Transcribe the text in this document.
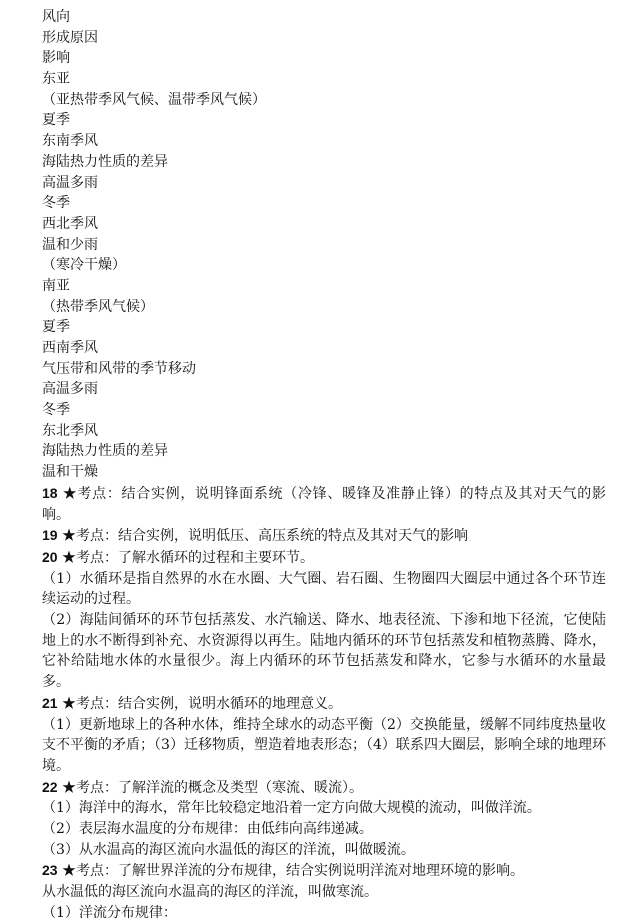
风向
形成原因
影响
东亚
（亚热带季风气候、温带季风气候）
夏季
东南季风
海陆热力性质的差异
高温多雨
冬季
西北季风
温和少雨
（寒冷干燥）
南亚
（热带季风气候）
夏季
西南季风
气压带和风带的季节移动
高温多雨
冬季
东北季风
海陆热力性质的差异
温和干燥
18 ★考点：结合实例，说明锋面系统（冷锋、暖锋及准静止锋）的特点及其对天气的影响。
19 ★考点：结合实例，说明低压、高压系统的特点及其对天气的影响
20 ★考点：了解水循环的过程和主要环节。
（1）水循环是指自然界的水在水圈、大气圈、岩石圈、生物圈四大圈层中通过各个环节连续运动的过程。
（2）海陆间循环的环节包括蒸发、水汽输送、降水、地表径流、下渗和地下径流，它使陆地上的水不断得到补充、水资源得以再生。陆地内循环的环节包括蒸发和植物蒸腾、降水，它补给陆地水体的水量很少。海上内循环的环节包括蒸发和降水，它参与水循环的水量最多。
21 ★考点：结合实例，说明水循环的地理意义。
（1）更新地球上的各种水体，维持全球水的动态平衡（2）交换能量，缓解不同纬度热量收支不平衡的矛盾；（3）迁移物质，塑造着地表形态；（4）联系四大圈层，影响全球的地理环境。
22 ★考点：了解洋流的概念及类型（寒流、暖流）。
（1）海洋中的海水，常年比较稳定地沿着一定方向做大规模的流动，叫做洋流。
（2）表层海水温度的分布规律：由低纬向高纬递减。
（3）从水温高的海区流向水温低的海区的洋流，叫做暖流。
23 ★考点：了解世界洋流的分布规律，结合实例说明洋流对地理环境的影响。
从水温低的海区流向水温高的海区的洋流，叫做寒流。
（1）洋流分布规律：
